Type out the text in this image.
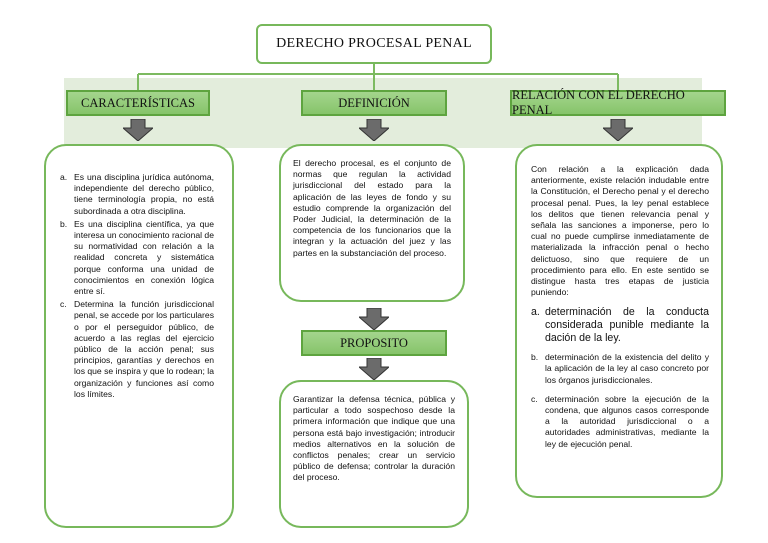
DERECHO PROCESAL PENAL
CARACTERÍSTICAS	DEFINICIÓN
RELACIÓN CON EL DERECHO PENAL
a. Es una disciplina jurídica autónoma, independiente del derecho público, tiene terminología propia, no está subordinada a otra disciplina.
b. Es una disciplina científica, ya que interesa un conocimiento racional de su normatividad con relación a la realidad concreta y sistemática porque conforma una unidad de conocimientos en conexión lógica entre sí.
c. Determina la función jurisdiccional penal, se accede por los particulares o por el perseguidor público, de acuerdo a las reglas del ejercicio público de la acción penal; sus principios, garantías y derechos en los que se inspira y que lo rodean; la organización y funciones así como los límites.
El derecho procesal, es el conjunto de normas que regulan la actividad jurisdiccional del estado para la aplicación de las leyes de fondo y su estudio comprende la organización del Poder Judicial, la determinación de la competencia de los funcionarios que la integran y la actuación del juez y las partes en la substanciación del proceso.
PROPOSITO
Garantizar la defensa técnica, pública y particular a todo sospechoso desde la primera información que indique que una persona está bajo investigación; introducir medios alternativos en la solución de conflictos penales; crear un servicio público de defensa; controlar la duración del proceso.
Con relación a la explicación dada anteriormente, existe relación indudable entre la Constitución, el Derecho penal y el derecho procesal penal. Pues, la ley penal establece los delitos que tienen relevancia penal y señala las sanciones a imponerse, pero lo cual no puede cumplirse inmediatamente de materializada la infracción penal o hecho delictuoso, sino que requiere de un procedimiento para ello. En este sentido se distingue hasta tres etapas de justicia puniendo:
a. determinación de la conducta considerada punible mediante la dación de la ley.
b. determinación de la existencia del delito y la aplicación de la ley al caso concreto por los órganos jurisdiccionales.
c. determinación sobre la ejecución de la condena, que algunos casos corresponde a la autoridad jurisdiccional o a autoridades administrativas, mediante la ley de ejecución penal.
